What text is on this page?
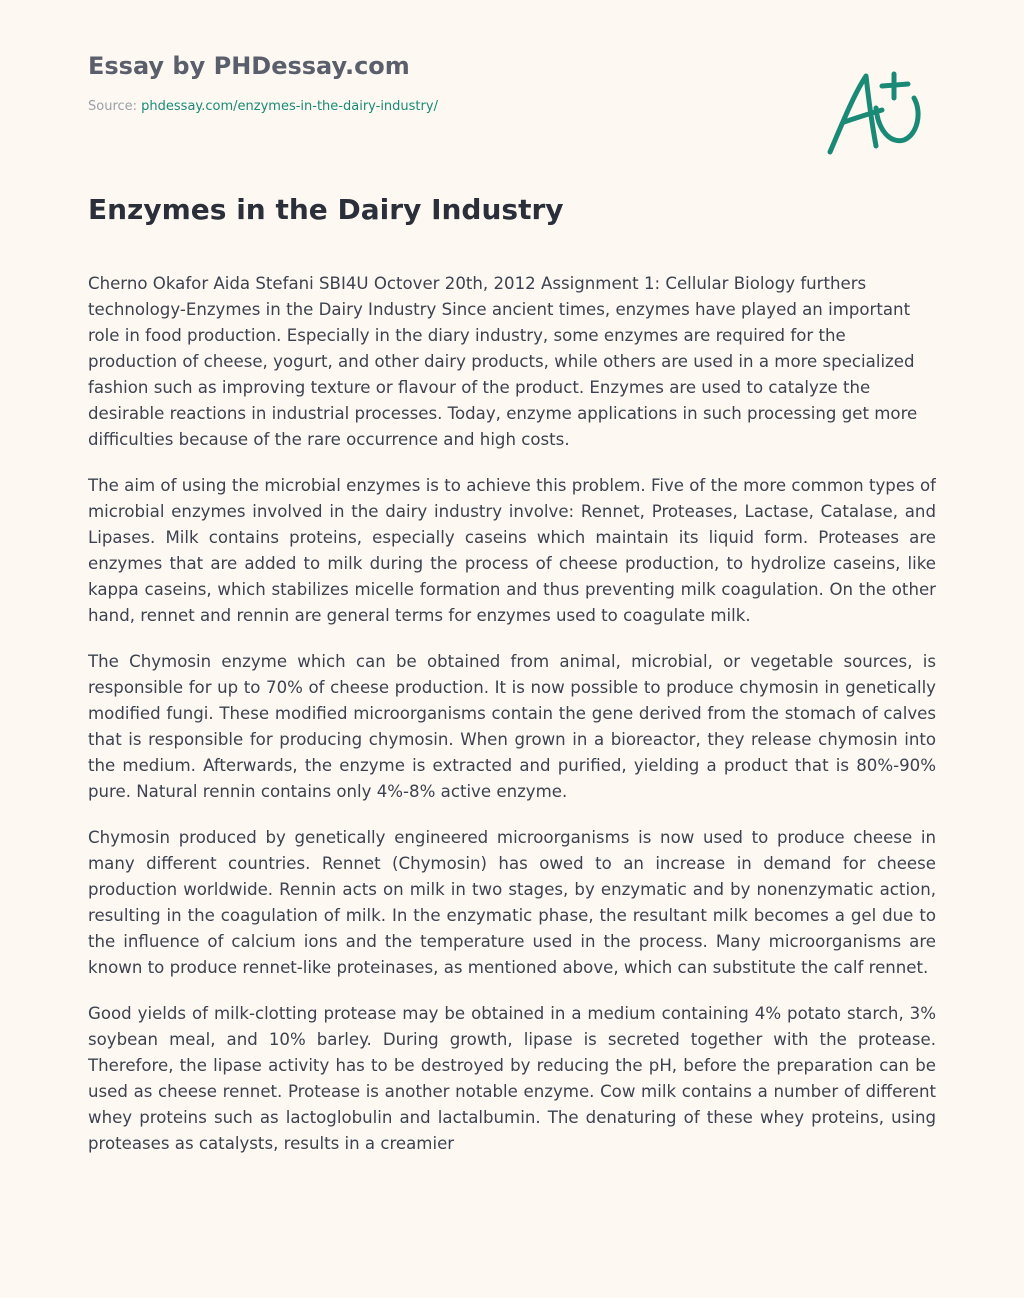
Essay by PHDessay.com
Source: phdessay.com/enzymes-in-the-dairy-industry/
Enzymes in the Dairy Industry

Cherno Okafor Aida Stefani SBI4U Octover 20th, 2012 Assignment 1: Cellular Biology furthers technology-Enzymes in the Dairy Industry Since ancient times, enzymes have played an important role in food production. Especially in the diary industry, some enzymes are required for the production of cheese, yogurt, and other dairy products, while others are used in a more specialized fashion such as improving texture or flavour of the product. Enzymes are used to catalyze the desirable reactions in industrial processes. Today, enzyme applications in such processing get more difficulties because of the rare occurrence and high costs.

The aim of using the microbial enzymes is to achieve this problem. Five of the more common types of microbial enzymes involved in the dairy industry involve: Rennet, Proteases, Lactase, Catalase, and Lipases. Milk contains proteins, especially caseins which maintain its liquid form. Proteases are enzymes that are added to milk during the process of cheese production, to hydrolize caseins, like kappa caseins, which stabilizes micelle formation and thus preventing milk coagulation. On the other hand, rennet and rennin are general terms for enzymes used to coagulate milk.

The Chymosin enzyme which can be obtained from animal, microbial, or vegetable sources, is responsible for up to 70% of cheese production. It is now possible to produce chymosin in genetically modified fungi. These modified microorganisms contain the gene derived from the stomach of calves that is responsible for producing chymosin. When grown in a bioreactor, they release chymosin into the medium. Afterwards, the enzyme is extracted and purified, yielding a product that is 80%-90% pure. Natural rennin contains only 4%-8% active enzyme.

Chymosin produced by genetically engineered microorganisms is now used to produce cheese in many different countries. Rennet (Chymosin) has owed to an increase in demand for cheese production worldwide. Rennin acts on milk in two stages, by enzymatic and by nonenzymatic action, resulting in the coagulation of milk. In the enzymatic phase, the resultant milk becomes a gel due to the influence of calcium ions and the temperature used in the process. Many microorganisms are known to produce rennet-like proteinases, as mentioned above, which can substitute the calf rennet.

Good yields of milk-clotting protease may be obtained in a medium containing 4% potato starch, 3% soybean meal, and 10% barley. During growth, lipase is secreted together with the protease. Therefore, the lipase activity has to be destroyed by reducing the pH, before the preparation can be used as cheese rennet. Protease is another notable enzyme. Cow milk contains a number of different whey proteins such as lactoglobulin and lactalbumin. The denaturing of these whey proteins, using proteases as catalysts, results in a creamier
